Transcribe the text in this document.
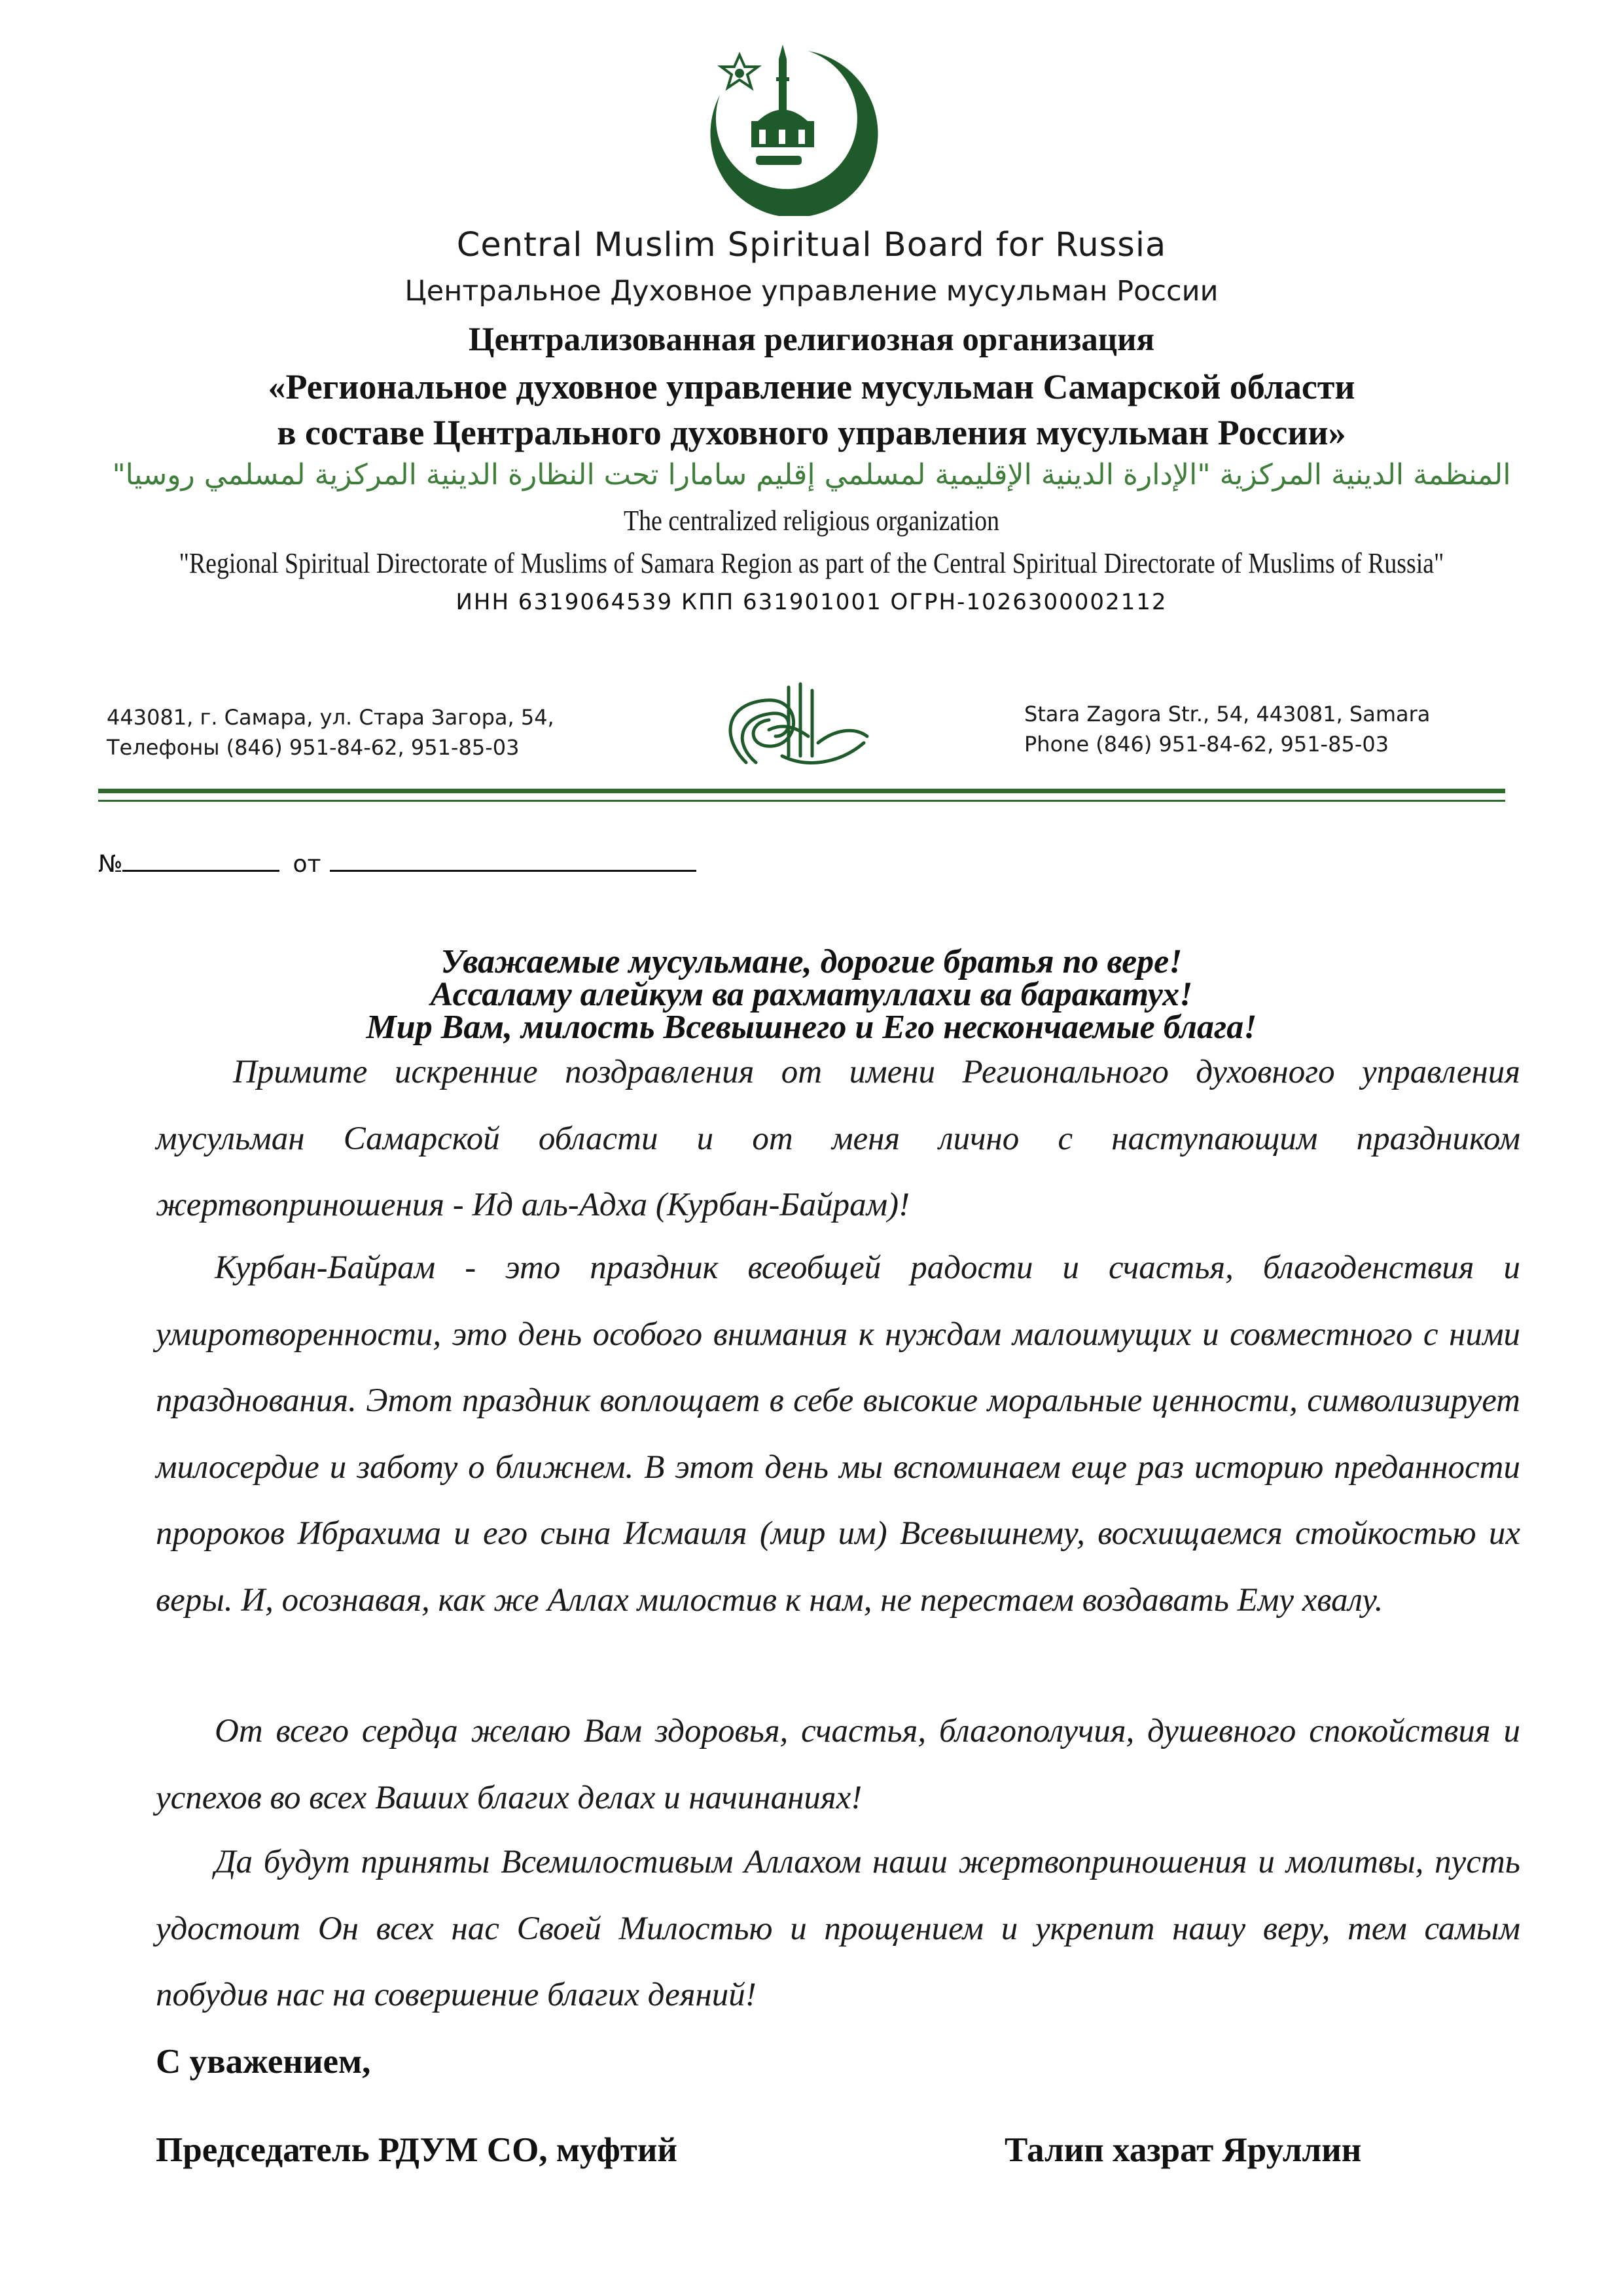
Central Muslim Spiritual Board for Russia
Центральное Духовное управление мусульман России
Централизованная религиозная организация
«Региональное духовное управление мусульман Самарской области
в составе Центрального духовного управления мусульман России»
المنظمة الدينية المركزية "الإدارة الدينية الإقليمية لمسلمي إقليم سامارا تحت النظارة الدينية المركزية لمسلمي روسيا"
The centralized religious organization
"Regional Spiritual Directorate of Muslims of Samara Region as part of the Central Spiritual Directorate of Muslims of Russia"
ИНН 6319064539 КПП 631901001 ОГРН-1026300002112
443081, г. Самара, ул. Стара Загора, 54,
Телефоны (846) 951-84-62, 951-85-03
Stara Zagora Str., 54, 443081, Samara
Phone (846) 951-84-62, 951-85-03
№	от
Уважаемые мусульмане, дорогие братья по вере!
Ассаламу алейкум ва рахматуллахи ва баракатух!
Мир Вам, милость Всевышнего и Его нескончаемые блага!

Примите искренние поздравления от имени Регионального духовного управления мусульман Самарской области и от меня лично с наступающим праздником жертвоприношения - Ид аль-Адха (Курбан-Байрам)!

Курбан-Байрам - это праздник всеобщей радости и счастья, благоденствия и умиротворенности, это день особого внимания к нуждам малоимущих и совместного с ними празднования. Этот праздник воплощает в себе высокие моральные ценности, символизирует милосердие и заботу о ближнем. В этот день мы вспоминаем еще раз историю преданности пророков Ибрахима и его сына Исмаиля (мир им) Всевышнему, восхищаемся стойкостью их веры. И, осознавая, как же Аллах милостив к нам, не перестаем воздавать Ему хвалу.

От всего сердца желаю Вам здоровья, счастья, благополучия, душевного спокойствия и успехов во всех Ваших благих делах и начинаниях!

Да будут приняты Всемилостивым Аллахом наши жертвоприношения и молитвы, пусть удостоит Он всех нас Своей Милостью и прощением и укрепит нашу веру, тем самым побудив нас на совершение благих деяний!

С уважением,
Председатель РДУМ СО, муфтий	Талип хазрат Яруллин
